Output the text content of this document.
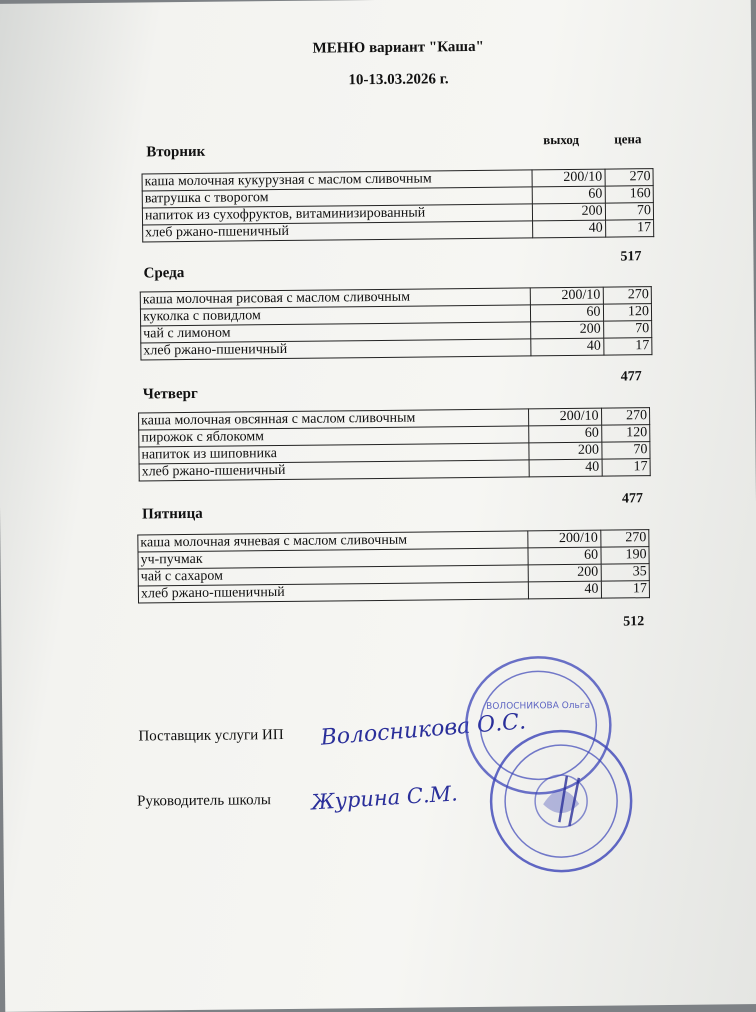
МЕНЮ вариант "Каша"
10-13.03.2026 г.
выход	цена
Вторник
каша молочная кукурузная с маслом сливочным	200/10	270
ватрушка с творогом	60	160
напиток из сухофруктов, витаминизированный	200	70
хлеб ржано-пшеничный	40	17
517
Среда
каша молочная рисовая с маслом сливочным	200/10	270
куколка с повидлом	60	120
чай с лимоном	200	70
хлеб ржано-пшеничный	40	17
477
Четверг
каша молочная овсянная с маслом сливочным	200/10	270
пирожок с яблокомм	60	120
напиток из шиповника	200	70
хлеб ржано-пшеничный	40	17
477
Пятница
каша молочная ячневая с маслом сливочным	200/10	270
уч-пучмак	60	190
чай с сахаром	200	35
хлеб ржано-пшеничный	40	17
512
Поставщик услуги ИП Волосникова О.С.
Руководитель школы Журина С.М.
ВОЛОСНИКОВА Ольга
